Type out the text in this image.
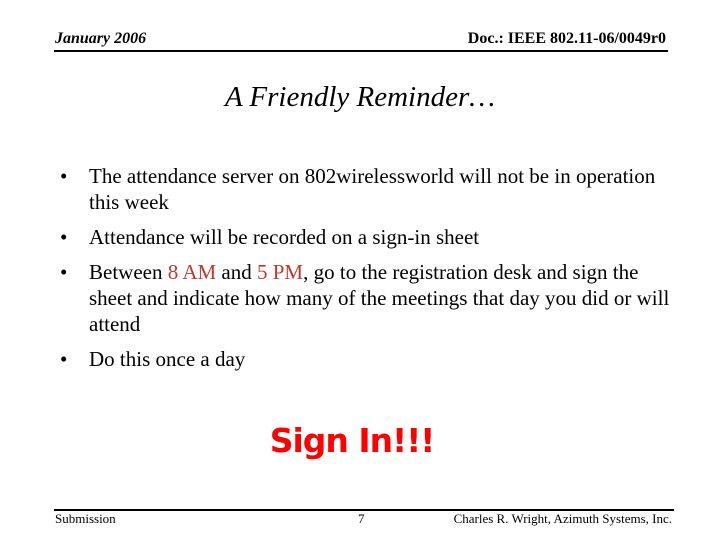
January 2006	Doc.: IEEE 802.11-06/0049r0
A Friendly Reminder…
• The attendance server on 802wirelessworld will not be in operation this week
• Attendance will be recorded on a sign-in sheet
• Between 8 AM and 5 PM, go to the registration desk and sign the sheet and indicate how many of the meetings that day you did or will attend
• Do this once a day
Sign In!!!
Submission	7	Charles R. Wright, Azimuth Systems, Inc.
